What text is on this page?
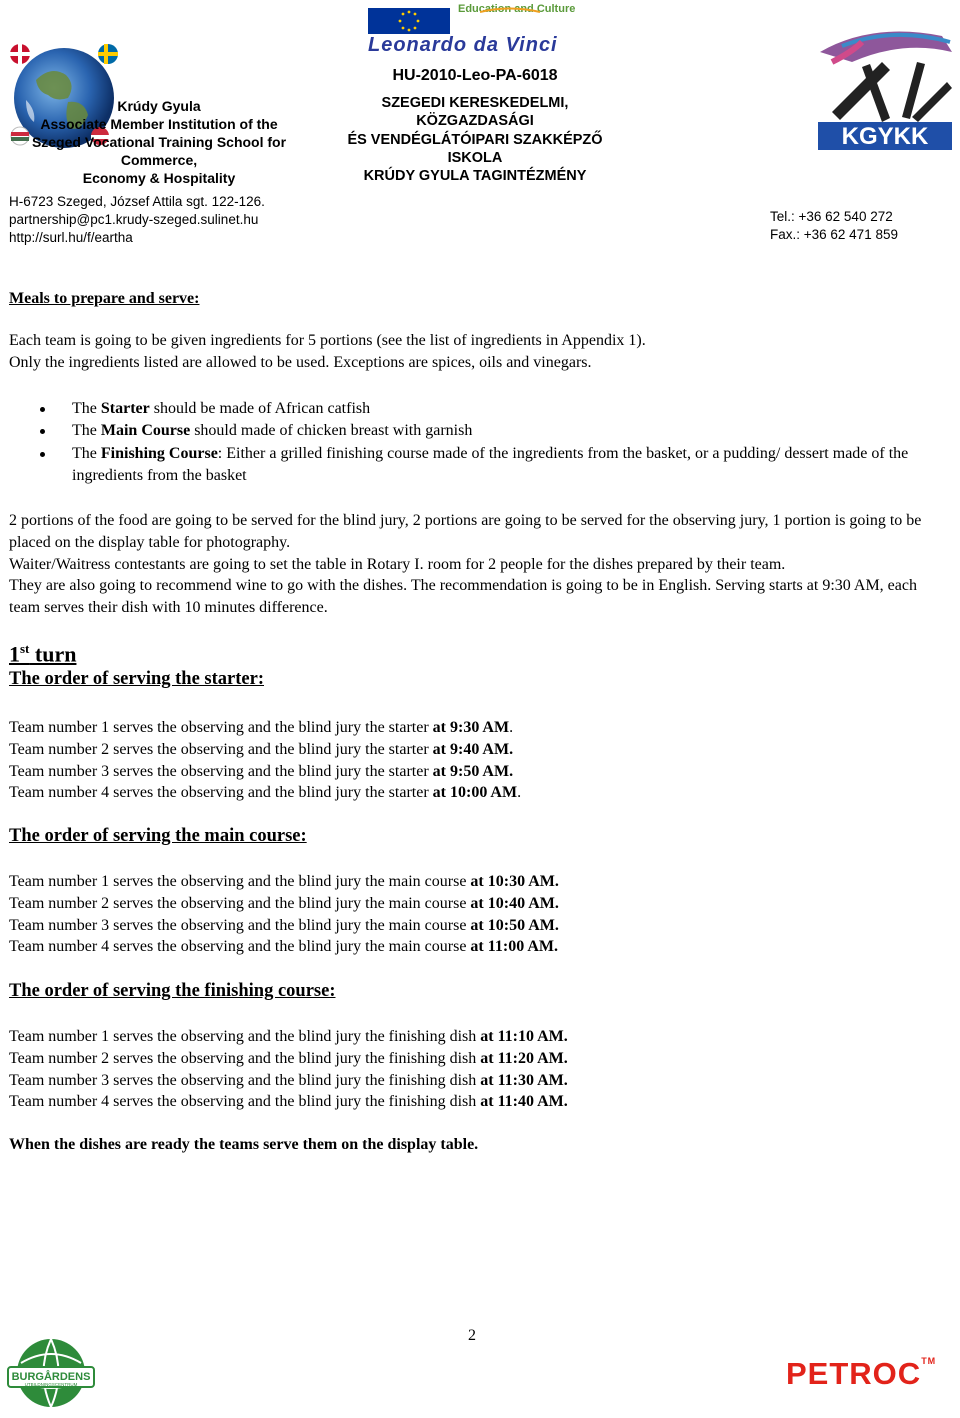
Krúdy Gyula
Associate Member Institution of the
Szeged Vocational Training School for
Commerce,
Economy & Hospitality
H-6723 Szeged, József Attila sgt. 122-126.
partnership@pc1.krudy-szeged.sulinet.hu
http://surl.hu/f/eartha
Education and Culture
Leonardo da Vinci
HU-2010-Leo-PA-6018
SZEGEDI KERESKEDELMI,
KÖZGAZDASÁGI
ÉS VENDÉGLÁTÓIPARI SZAKKÉPZŐ
ISKOLA
KRÚDY GYULA TAGINTÉZMÉNY
KGYKK
Tel.: +36 62 540 272
Fax.: +36 62 471 859
Meals to prepare and serve:

Each team is going to be given ingredients for 5 portions (see the list of ingredients in Appendix 1).

Only the ingredients listed are allowed to be used. Exceptions are spices, oils and vinegars.

The Starter should be made of African catfish
The Main Course should made of chicken breast with garnish
The Finishing Course: Either a grilled finishing course made of the ingredients from the basket, or a pudding/ dessert made of the ingredients from the basket

2 portions of the food are going to be served for the blind jury, 2 portions are going to be served for the observing jury, 1 portion is going to be placed on the display table for photography.

Waiter/Waitress contestants are going to set the table in Rotary I. room for 2 people for the dishes prepared by their team.

They are also going to recommend wine to go with the dishes. The recommendation is going to be in English. Serving starts at 9:30 AM, each team serves their dish with 10 minutes difference.

1st turn
The order of serving the starter:

Team number 1 serves the observing and the blind jury the starter at 9:30 AM.

Team number 2 serves the observing and the blind jury the starter at 9:40 AM.

Team number 3 serves the observing and the blind jury the starter at 9:50 AM.

Team number 4 serves the observing and the blind jury the starter at 10:00 AM.

The order of serving the main course:

Team number 1 serves the observing and the blind jury the main course at 10:30 AM.

Team number 2 serves the observing and the blind jury the main course at 10:40 AM.

Team number 3 serves the observing and the blind jury the main course at 10:50 AM.

Team number 4 serves the observing and the blind jury the main course at 11:00 AM.

The order of serving the finishing course:

Team number 1 serves the observing and the blind jury the finishing dish at 11:10 AM.

Team number 2 serves the observing and the blind jury the finishing dish at 11:20 AM.

Team number 3 serves the observing and the blind jury the finishing dish at 11:30 AM.

Team number 4 serves the observing and the blind jury the finishing dish at 11:40 AM.

When the dishes are ready the teams serve them on the display table.
2
BURGÅRDENS
UTBILDNINGSCENTRUM	PETROC™
